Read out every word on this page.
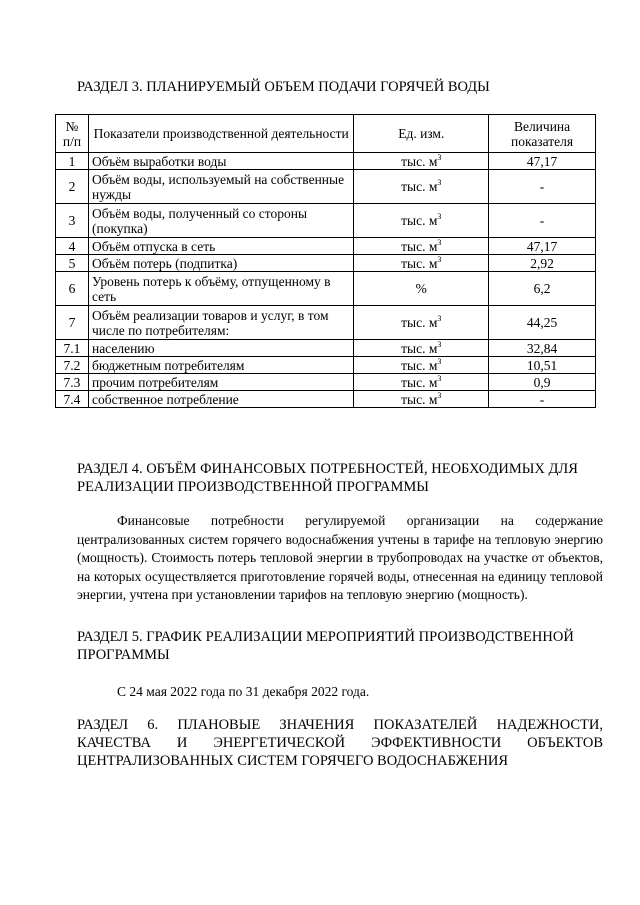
РАЗДЕЛ 3. ПЛАНИРУЕМЫЙ ОБЪЕМ ПОДАЧИ ГОРЯЧЕЙ ВОДЫ
№ п/п	Показатели производственной деятельности	Ед. изм.	Величина показателя
1	Объём выработки воды	тыс. $м^3$	47,17
2	Объём воды, используемый на собственные нужды	тыс. $м^3$	-
3	Объём воды, полученный со стороны (покупка)	тыс. $м^3$	-
4	Объём отпуска в сеть	тыс. $м^3$	47,17
5	Объём потерь (подпитка)	тыс. $м^3$	2,92
6	Уровень потерь к объёму, отпущенному в сеть	%	6,2
7	Объём реализации товаров и услуг, в том числе по потребителям:	тыс. $м^3$	44,25
7.1	населению	тыс. $м^3$	32,84
7.2	бюджетным потребителям	тыс. $м^3$	10,51
7.3	прочим потребителям	тыс. $м^3$	0,9
7.4	собственное потребление	тыс. $м^3$	-
РАЗДЕЛ 4. ОБЪЁМ ФИНАНСОВЫХ ПОТРЕБНОСТЕЙ, НЕОБХОДИМЫХ ДЛЯ РЕАЛИЗАЦИИ ПРОИЗВОДСТВЕННОЙ ПРОГРАММЫ

Финансовые потребности регулируемой организации на содержание централизованных систем горячего водоснабжения учтены в тарифе на тепловую энергию (мощность). Стоимость потерь тепловой энергии в трубопроводах на участке от объектов, на которых осуществляется приготовление горячей воды, отнесенная на единицу тепловой энергии, учтена при установлении тарифов на тепловую энергию (мощность).

РАЗДЕЛ 5. ГРАФИК РЕАЛИЗАЦИИ МЕРОПРИЯТИЙ ПРОИЗВОДСТВЕННОЙ ПРОГРАММЫ

С 24 мая 2022 года по 31 декабря 2022 года.

РАЗДЕЛ 6. ПЛАНОВЫЕ ЗНАЧЕНИЯ ПОКАЗАТЕЛЕЙ НАДЕЖНОСТИ,
КАЧЕСТВА И ЭНЕРГЕТИЧЕСКОЙ ЭФФЕКТИВНОСТИ ОБЪЕКТОВ
ЦЕНТРАЛИЗОВАННЫХ СИСТЕМ ГОРЯЧЕГО ВОДОСНАБЖЕНИЯ
